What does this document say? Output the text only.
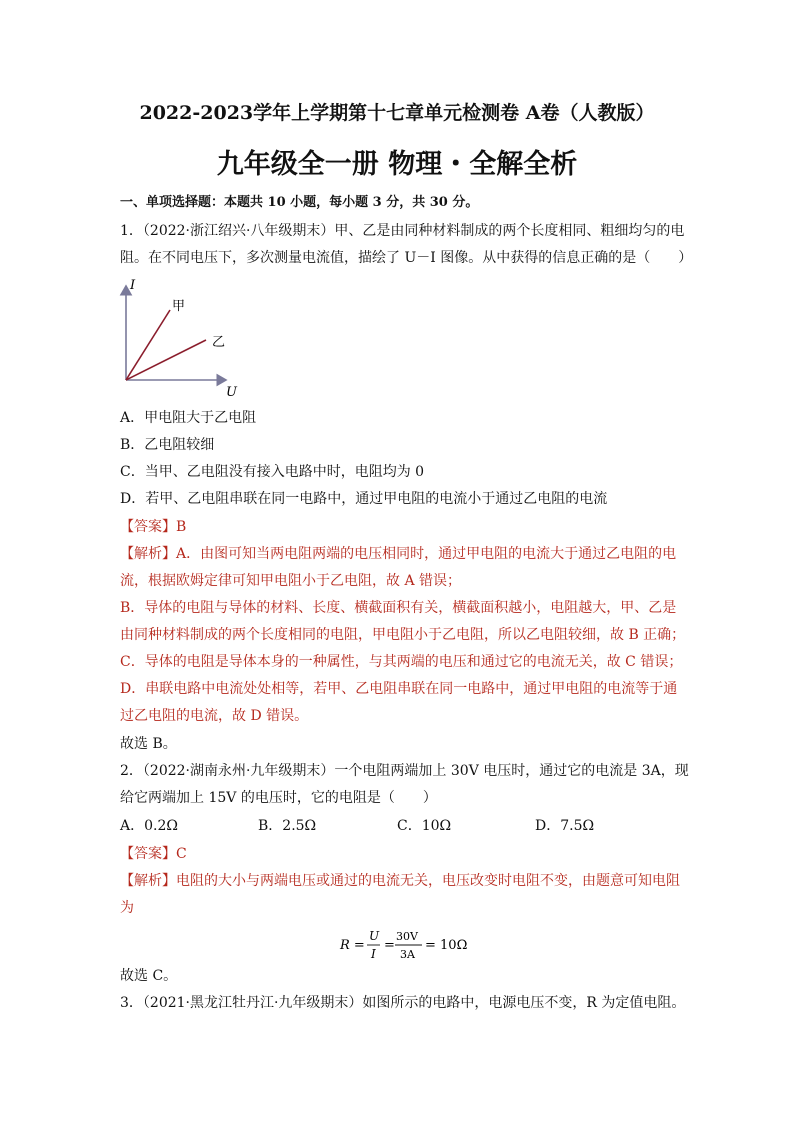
2022-2023学年上学期第十七章单元检测卷 A卷（人教版）
九年级全一册 物理・全解全析
一、单项选择题：本题共 10 小题，每小题 3 分，共 30 分。
1．（2022·浙江绍兴·八年级期末）甲、乙是由同种材料制成的两个长度相同、粗细均匀的电
阻。在不同电压下，多次测量电流值，描绘了 U－I 图像。从中获得的信息正确的是（　　）
I
U
甲
乙
A．甲电阻大于乙电阻
B．乙电阻较细
C．当甲、乙电阻没有接入电路中时，电阻均为 0
D．若甲、乙电阻串联在同一电路中，通过甲电阻的电流小于通过乙电阻的电流
【答案】B
【解析】A．由图可知当两电阻两端的电压相同时，通过甲电阻的电流大于通过乙电阻的电
流，根据欧姆定律可知甲电阻小于乙电阻，故 A 错误；
B．导体的电阻与导体的材料、长度、横截面积有关，横截面积越小，电阻越大，甲、乙是
由同种材料制成的两个长度相同的电阻，甲电阻小于乙电阻，所以乙电阻较细，故 B 正确；
C．导体的电阻是导体本身的一种属性，与其两端的电压和通过它的电流无关，故 C 错误；
D．串联电路中电流处处相等，若甲、乙电阻串联在同一电路中，通过甲电阻的电流等于通
过乙电阻的电流，故 D 错误。
故选 B。
2．（2022·湖南永州·九年级期末）一个电阻两端加上 30V 电压时，通过它的电流是 3A，现
给它两端加上 15V 的电压时，它的电阻是（　　）
A．0.2Ω	B．2.5Ω	C．10Ω	D．7.5Ω
【答案】C
【解析】电阻的大小与两端电压或通过的电流无关，电压改变时电阻不变，由题意可知电阻
为
R =
U
I
=
30V
3A
= 10Ω
故选 C。
3．（2021·黑龙江牡丹江·九年级期末）如图所示的电路中，电源电压不变，R 为定值电阻。
